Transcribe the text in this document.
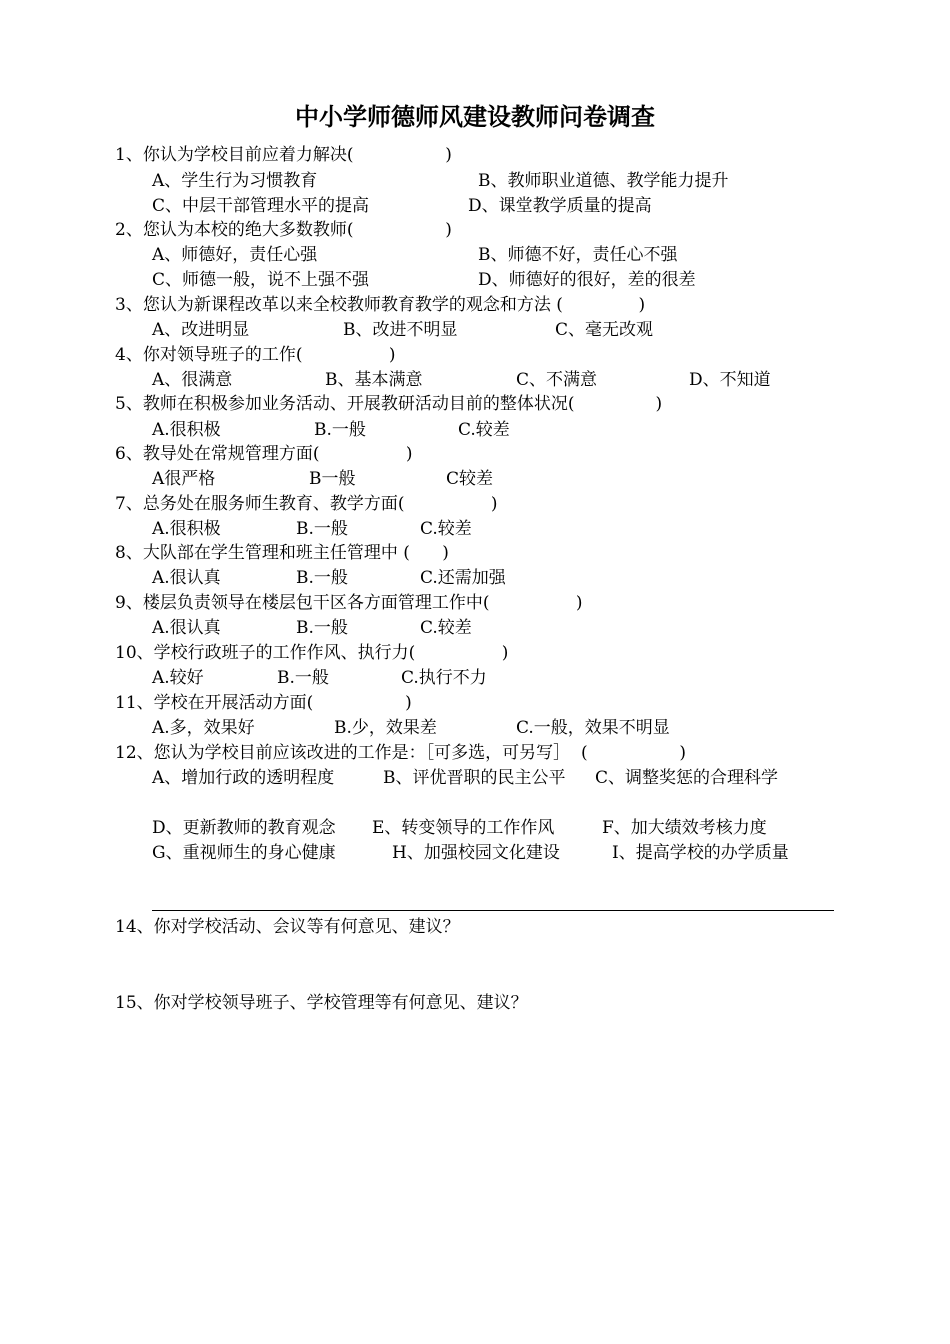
中小学师德师风建设教师问卷调查
1、你认为学校目前应着力解决(                 )
A、学生行为习惯教育	B、教师职业道德、教学能力提升
C、中层干部管理水平的提高	D、课堂教学质量的提高
2、您认为本校的绝大多数教师(                 )
A、师德好，责任心强	B、师德不好，责任心不强
C、师德一般，说不上强不强	D、师德好的很好，差的很差
3、您认为新课程改革以来全校教师教育教学的观念和方法 (              )
A、改进明显	B、改进不明显	C、毫无改观
4、你对领导班子的工作(                )
A、很满意	B、基本满意	C、不满意	D、不知道
5、教师在积极参加业务活动、开展教研活动目前的整体状况(               )
A.很积极	B.一般	C.较差
6、教导处在常规管理方面(                )
A很严格	B一般	C较差
7、总务处在服务师生教育、教学方面(                )
A.很积极	B.一般	C.较差
8、大队部在学生管理和班主任管理中 (      )
A.很认真	B.一般	C.还需加强
9、楼层负责领导在楼层包干区各方面管理工作中(                )
A.很认真	B.一般	C.较差
10、学校行政班子的工作作风、执行力(                )
A.较好	B.一般	C.执行不力
11、学校在开展活动方面(                 )
A.多，效果好	B.少，效果差	C.一般，效果不明显
12、您认为学校目前应该改进的工作是：［可多选，可另写］  (                 )
A、增加行政的透明程度	B、评优晋职的民主公平 C、调整奖惩的合理科学
D、更新教师的教育观念 E、转变领导的工作作风	F、加大绩效考核力度
G、重视师生的身心健康	H、加强校园文化建设	I、提高学校的办学质量
14、你对学校活动、会议等有何意见、建议？
15、你对学校领导班子、学校管理等有何意见、建议？
